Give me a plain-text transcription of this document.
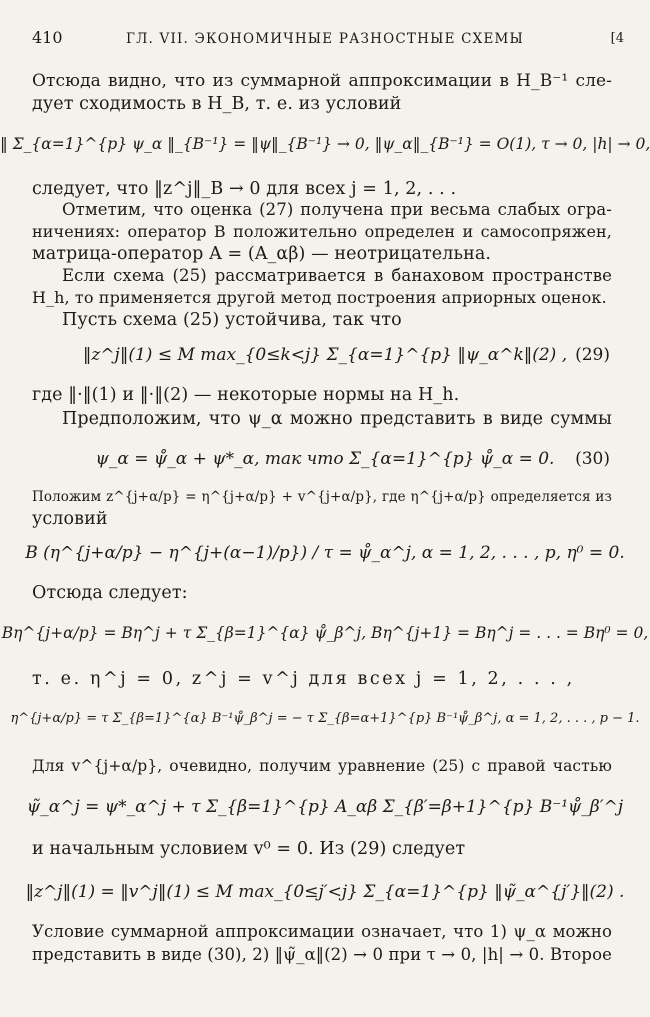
410	ГЛ. VII. ЭКОНОМИЧНЫЕ РАЗНОСТНЫЕ СХЕМЫ	[4
Отсюда видно, что из суммарной аппроксимации в H_B⁻¹ сле-
дует сходимость в H_B, т. е. из условий
‖ Σ_{α=1}^{p} ψ_α ‖_{B⁻¹} = ‖ψ‖_{B⁻¹} → 0, ‖ψ_α‖_{B⁻¹} = O(1), τ → 0, |h| → 0,
следует, что ‖z^j‖_B → 0 для всех j = 1, 2, . . .
Отметим, что оценка (27) получена при весьма слабых огра-
ничениях: оператор B положительно определен и самосопряжен,
матрица-оператор A = (A_αβ) — неотрицательна.
Если схема (25) рассматривается в банаховом пространстве
H_h, то применяется другой метод построения априорных оценок.
Пусть схема (25) устойчива, так что
‖z^j‖(1) ≤ M max_{0≤k<j} Σ_{α=1}^{p} ‖ψ_α^k‖(2) , (29)
где ‖·‖(1) и ‖·‖(2) — некоторые нормы на H_h.
Предположим, что ψ_α можно представить в виде суммы
ψ_α = ψ̊_α + ψ*_α, так что Σ_{α=1}^{p} ψ̊_α = 0.	(30)
Положим z^{j+α/p} = η^{j+α/p} + v^{j+α/p}, где η^{j+α/p} определяется из
условий
B (η^{j+α/p} − η^{j+(α−1)/p}) / τ = ψ̊_α^j, α = 1, 2, . . . , p, η⁰ = 0.
Отсюда следует:
Bη^{j+α/p} = Bη^j + τ Σ_{β=1}^{α} ψ̊_β^j, Bη^{j+1} = Bη^j = . . . = Bη⁰ = 0,
т. е. η^j = 0, z^j = v^j для всех j = 1, 2, . . . ,
η^{j+α/p} = τ Σ_{β=1}^{α} B⁻¹ψ̊_β^j = − τ Σ_{β=α+1}^{p} B⁻¹ψ̊_β^j, α = 1, 2, . . . , p − 1.
Для v^{j+α/p}, очевидно, получим уравнение (25) с правой частью
ψ̃_α^j = ψ*_α^j + τ Σ_{β=1}^{p} A_αβ Σ_{β′=β+1}^{p} B⁻¹ψ̊_β′^j
и начальным условием v⁰ = 0. Из (29) следует
‖z^j‖(1) = ‖v^j‖(1) ≤ M max_{0≤j′<j} Σ_{α=1}^{p} ‖ψ̃_α^{j′}‖(2) .
Условие суммарной аппроксимации означает, что 1) ψ_α можно
представить в виде (30), 2) ‖ψ̃_α‖(2) → 0 при τ → 0, |h| → 0. Второе
